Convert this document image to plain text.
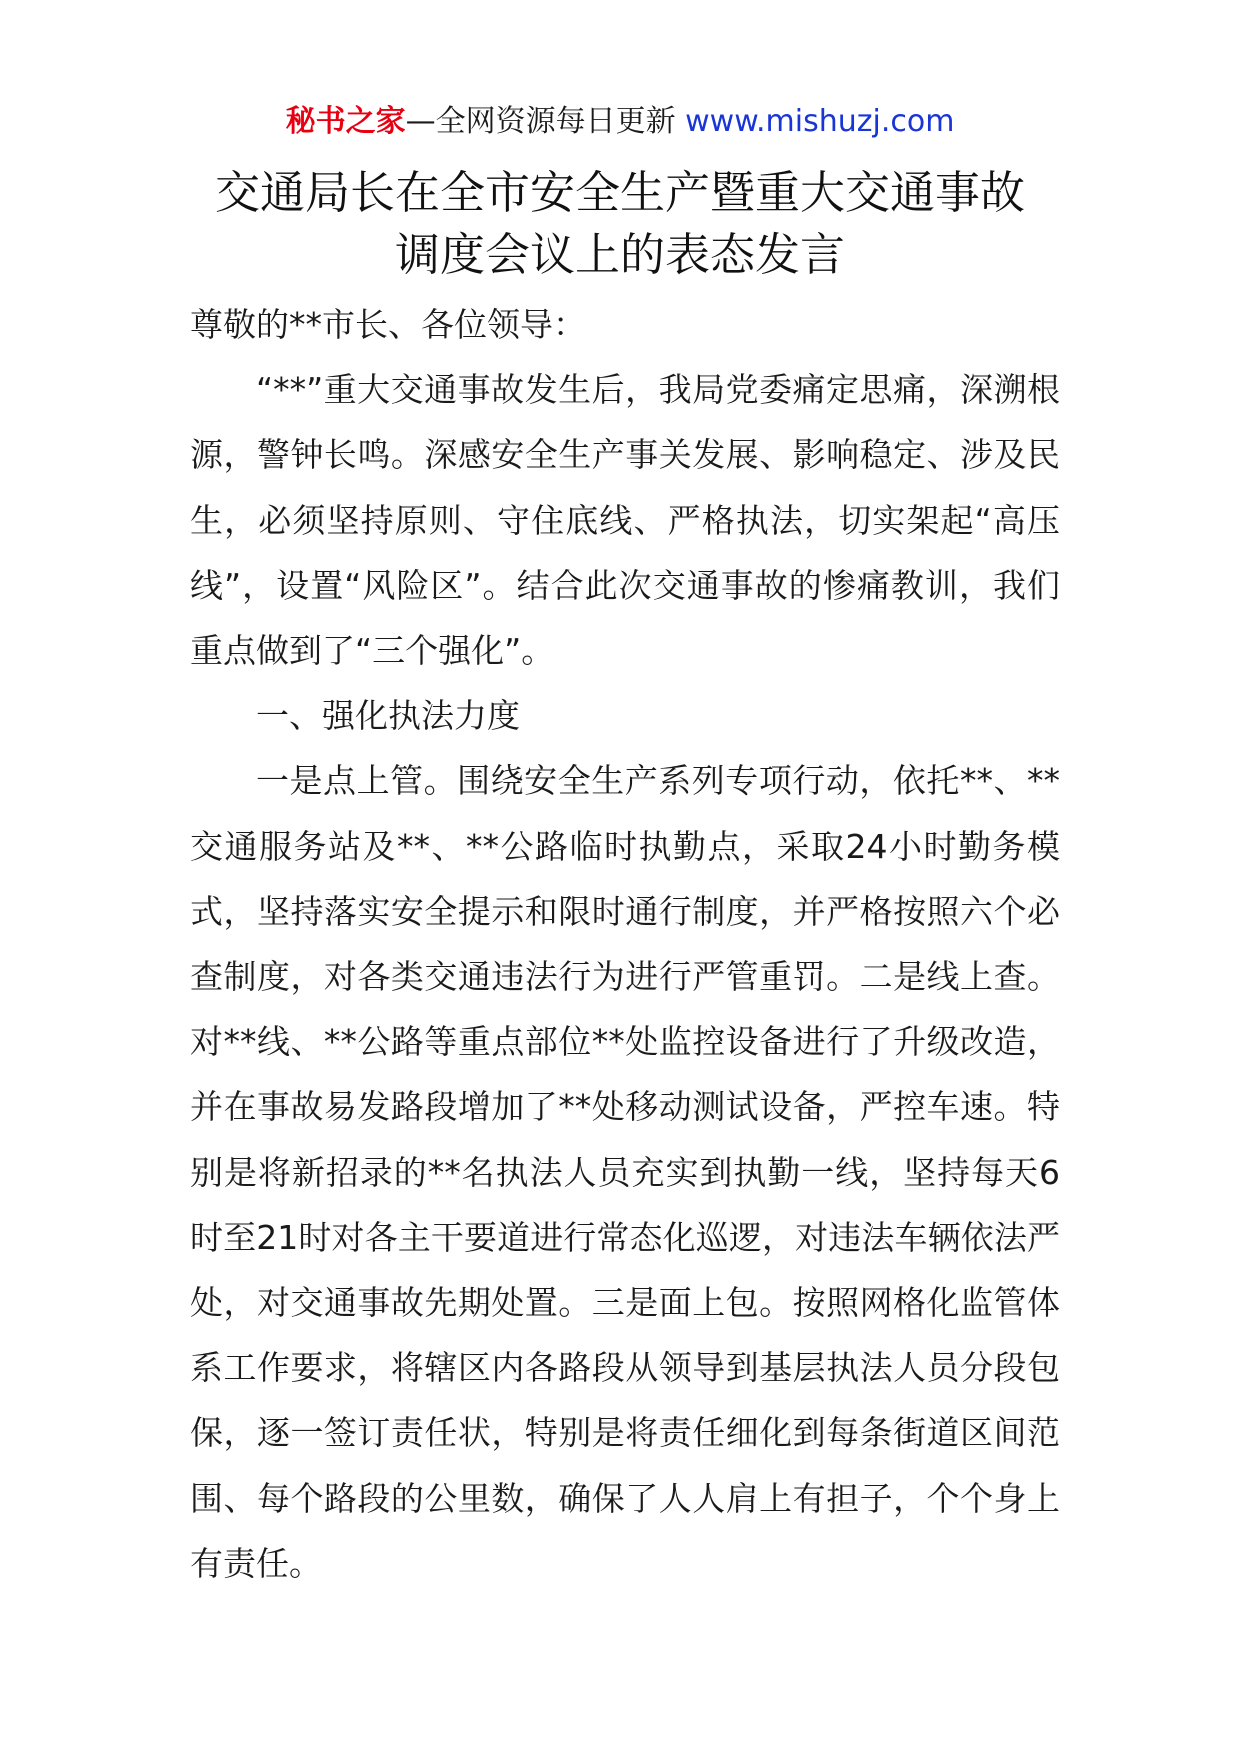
秘书之家—全网资源每日更新 www.mishuzj.com
交通局长在全市安全生产暨重大交通事故
调度会议上的表态发言

尊敬的**市长、各位领导：

“**”重大交通事故发生后，我局党委痛定思痛，深溯根源，警钟长鸣。深感安全生产事关发展、影响稳定、涉及民生，必须坚持原则、守住底线、严格执法，切实架起“高压线”，设置“风险区”。结合此次交通事故的惨痛教训，我们重点做到了“三个强化”。

一、强化执法力度

一是点上管。围绕安全生产系列专项行动，依托**、**交通服务站及**、**公路临时执勤点，采取24小时勤务模式，坚持落实安全提示和限时通行制度，并严格按照六个必查制度，对各类交通违法行为进行严管重罚。二是线上查。对**线、**公路等重点部位**处监控设备进行了升级改造，并在事故易发路段增加了**处移动测试设备，严控车速。特别是将新招录的**名执法人员充实到执勤一线，坚持每天6时至21时对各主干要道进行常态化巡逻，对违法车辆依法严处，对交通事故先期处置。三是面上包。按照网格化监管体系工作要求，将辖区内各路段从领导到基层执法人员分段包保，逐一签订责任状，特别是将责任细化到每条街道区间范围、每个路段的公里数，确保了人人肩上有担子，个个身上有责任。
